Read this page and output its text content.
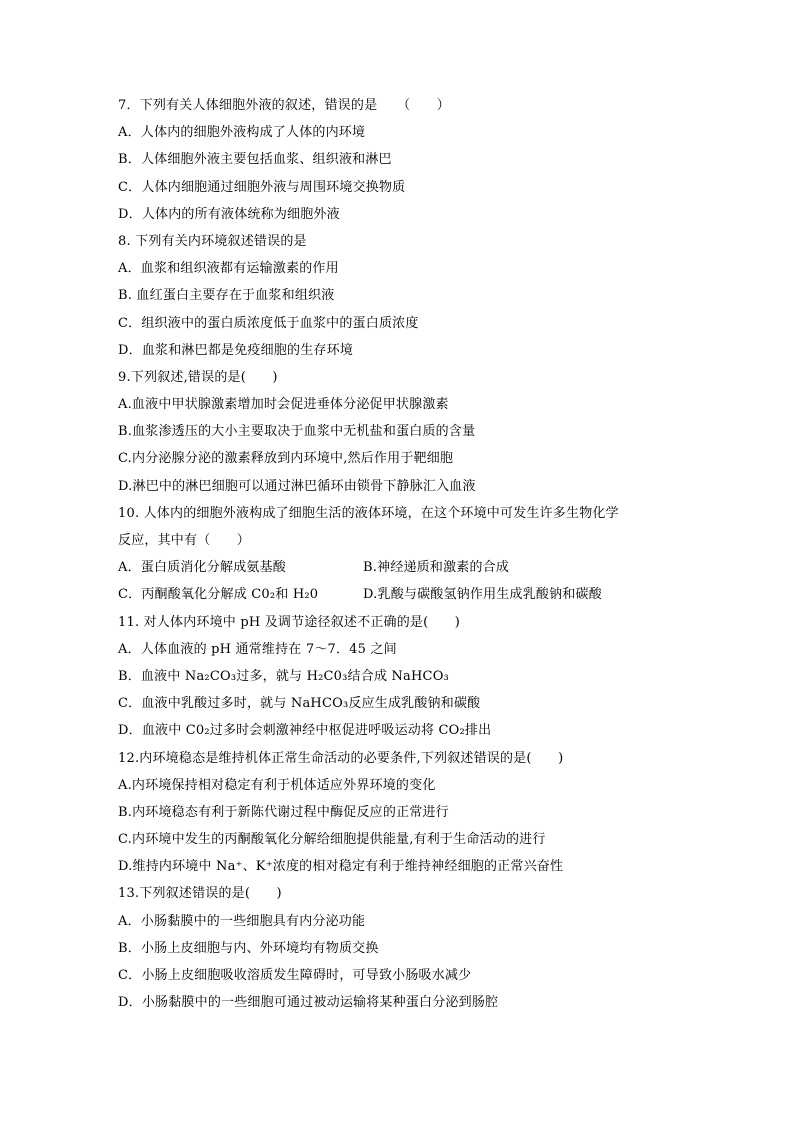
7．下列有关人体细胞外液的叙述，错误的是　　（　　）
A．人体内的细胞外液构成了人体的内环境
B．人体细胞外液主要包括血浆、组织液和淋巴
C．人体内细胞通过细胞外液与周围环境交换物质
D．人体内的所有液体统称为细胞外液
8. 下列有关内环境叙述错误的是
A．血浆和组织液都有运输激素的作用
B. 血红蛋白主要存在于血浆和组织液
C．组织液中的蛋白质浓度低于血浆中的蛋白质浓度
D．血浆和淋巴都是免疫细胞的生存环境
9.下列叙述,错误的是(　　)
A.血液中甲状腺激素增加时会促进垂体分泌促甲状腺激素
B.血浆渗透压的大小主要取决于血浆中无机盐和蛋白质的含量
C.内分泌腺分泌的激素释放到内环境中,然后作用于靶细胞
D.淋巴中的淋巴细胞可以通过淋巴循环由锁骨下静脉汇入血液
10. 人体内的细胞外液构成了细胞生活的液体环境，在这个环境中可发生许多生物化学
反应，其中有（　　）
A．蛋白质消化分解成氨基酸	B.神经递质和激素的合成
C．丙酮酸氧化分解成 C0₂和 H₂0	D.乳酸与碳酸氢钠作用生成乳酸钠和碳酸
11. 对人体内环境中 pH 及调节途径叙述不正确的是(　　)
A．人体血液的 pH 通常维持在 7～7．45 之间
B．血液中 Na₂CO₃过多，就与 H₂C0₃结合成 NaHCO₃
C．血液中乳酸过多时，就与 NaHCO₃反应生成乳酸钠和碳酸
D．血液中 C0₂过多时会刺激神经中枢促进呼吸运动将 CO₂排出
12.内环境稳态是维持机体正常生命活动的必要条件,下列叙述错误的是(　　)
A.内环境保持相对稳定有利于机体适应外界环境的变化
B.内环境稳态有利于新陈代谢过程中酶促反应的正常进行
C.内环境中发生的丙酮酸氧化分解给细胞提供能量,有利于生命活动的进行
D.维持内环境中 Na⁺、K⁺浓度的相对稳定有利于维持神经细胞的正常兴奋性
13.下列叙述错误的是(　　)
A．小肠黏膜中的一些细胞具有内分泌功能
B．小肠上皮细胞与内、外环境均有物质交换
C．小肠上皮细胞吸收溶质发生障碍时，可导致小肠吸水减少
D．小肠黏膜中的一些细胞可通过被动运输将某种蛋白分泌到肠腔
